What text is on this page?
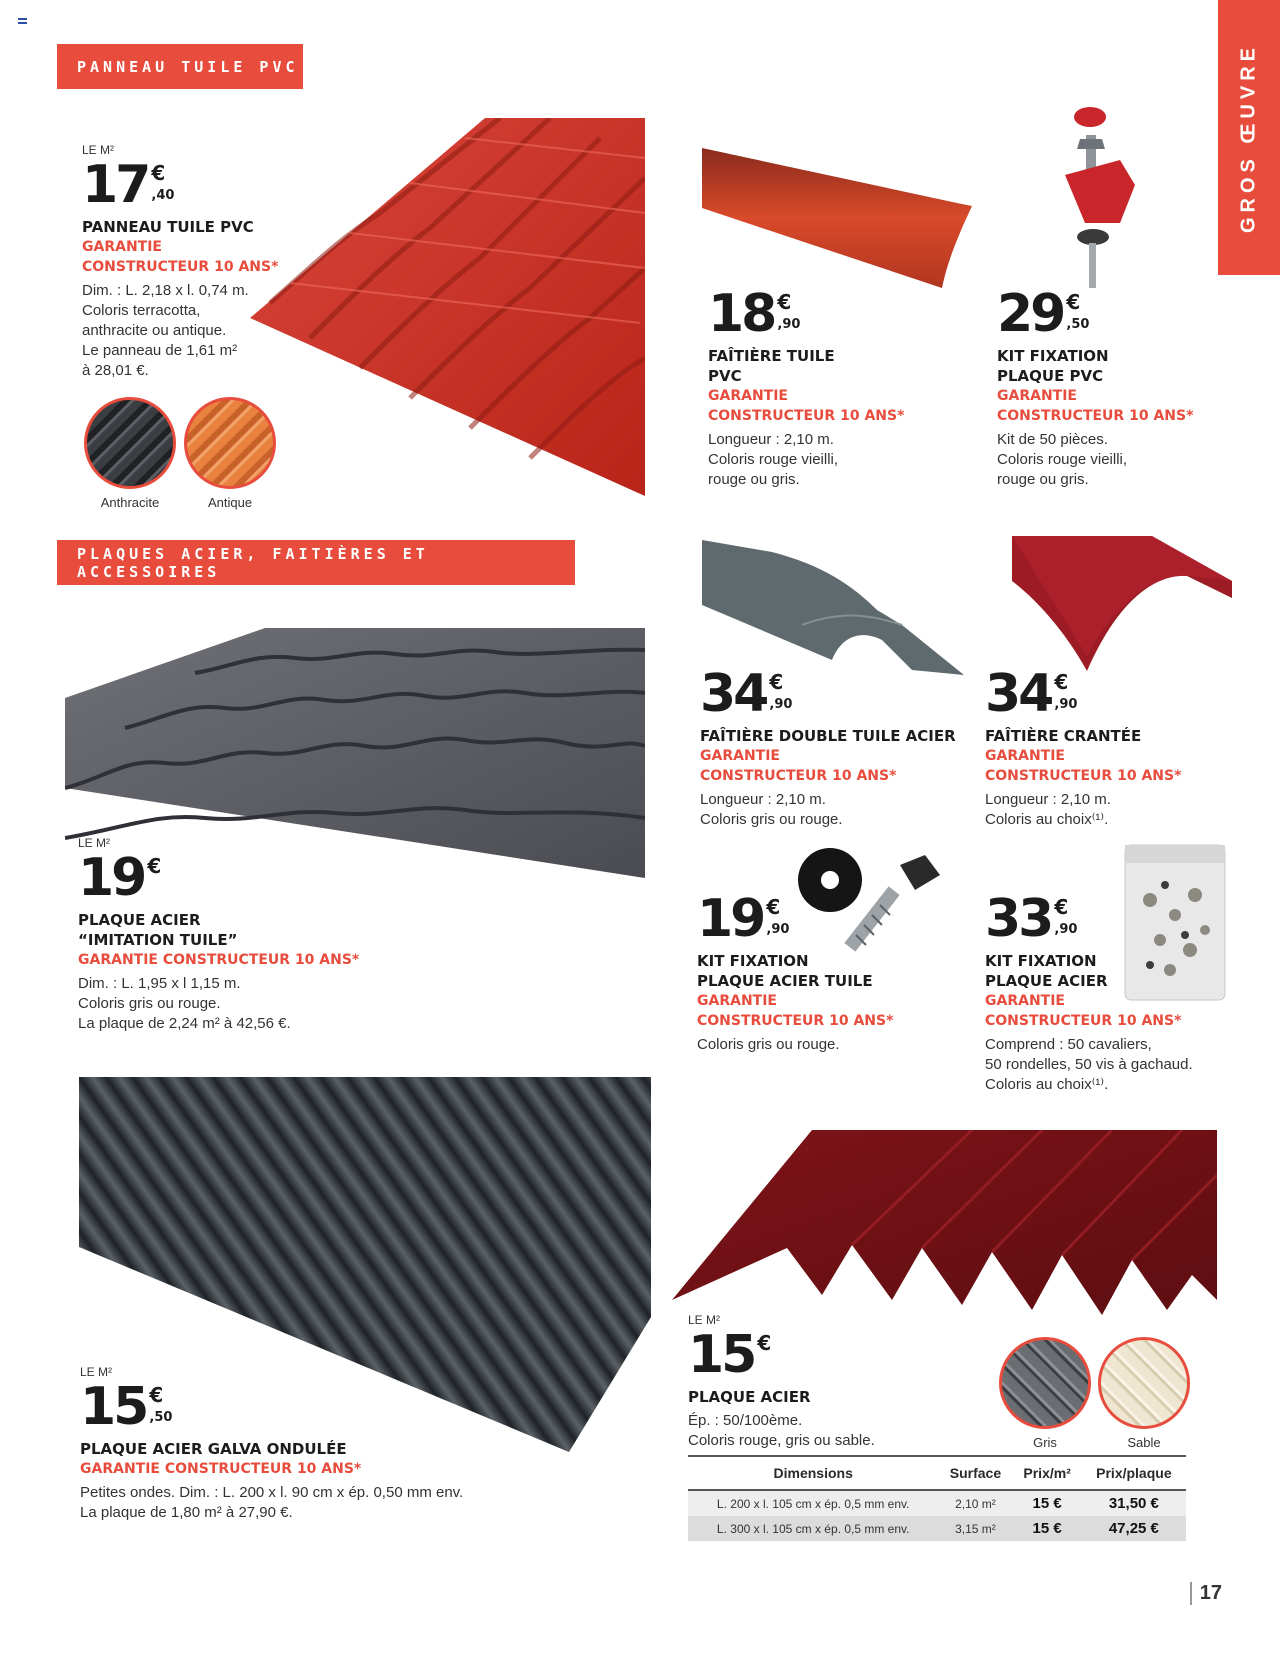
PANNEAU TUILE PVC
PLAQUES ACIER, FAITIÈRES ET ACCESSOIRES
GROS ŒUVRE
LE M²
17 €
,40
PANNEAU TUILE PVC
GARANTIE
CONSTRUCTEUR 10 ANS*
Dim. : L. 2,18 x l. 0,74 m.
Coloris terracotta,
anthracite ou antique.
Le panneau de 1,61 m²
à 28,01 €.
Anthracite	Antique
18 €
,90
FAÎTIÈRE TUILE
PVC
GARANTIE
CONSTRUCTEUR 10 ANS*
Longueur : 2,10 m.
Coloris rouge vieilli,
rouge ou gris.
29 €
,50
KIT FIXATION
PLAQUE PVC
GARANTIE
CONSTRUCTEUR 10 ANS*
Kit de 50 pièces.
Coloris rouge vieilli,
rouge ou gris.
LE M²
19 €
PLAQUE ACIER
“IMITATION TUILE”
GARANTIE CONSTRUCTEUR 10 ANS*
Dim. : L. 1,95 x l 1,15 m.
Coloris gris ou rouge.
La plaque de 2,24 m² à 42,56 €.
34 €
,90
FAÎTIÈRE DOUBLE TUILE ACIER
GARANTIE
CONSTRUCTEUR 10 ANS*
Longueur : 2,10 m.
Coloris gris ou rouge.
34 €
,90
FAÎTIÈRE CRANTÉE
GARANTIE
CONSTRUCTEUR 10 ANS*
Longueur : 2,10 m.
Coloris au choix⁽¹⁾.
19 €
,90
KIT FIXATION
PLAQUE ACIER TUILE
GARANTIE
CONSTRUCTEUR 10 ANS*
Coloris gris ou rouge.
33 €
,90
KIT FIXATION
PLAQUE ACIER
GARANTIE
CONSTRUCTEUR 10 ANS*
Comprend : 50 cavaliers,
50 rondelles, 50 vis à gachaud.
Coloris au choix⁽¹⁾.
LE M²
15 €
,50
PLAQUE ACIER GALVA ONDULÉE
GARANTIE CONSTRUCTEUR 10 ANS*
Petites ondes. Dim. : L. 200 x l. 90 cm x ép. 0,50 mm env.
La plaque de 1,80 m² à 27,90 €.
LE M²
15 €
PLAQUE ACIER
Ép. : 50/100ème.
Coloris rouge, gris ou sable.	Gris	Sable
Dimensions	Surface	Prix/m²	Prix/plaque
L. 200 x l. 105 cm x ép. 0,5 mm env.	2,10 m²	15 €	31,50 €
L. 300 x l. 105 cm x ép. 0,5 mm env.	3,15 m²	15 €	47,25 €
17
